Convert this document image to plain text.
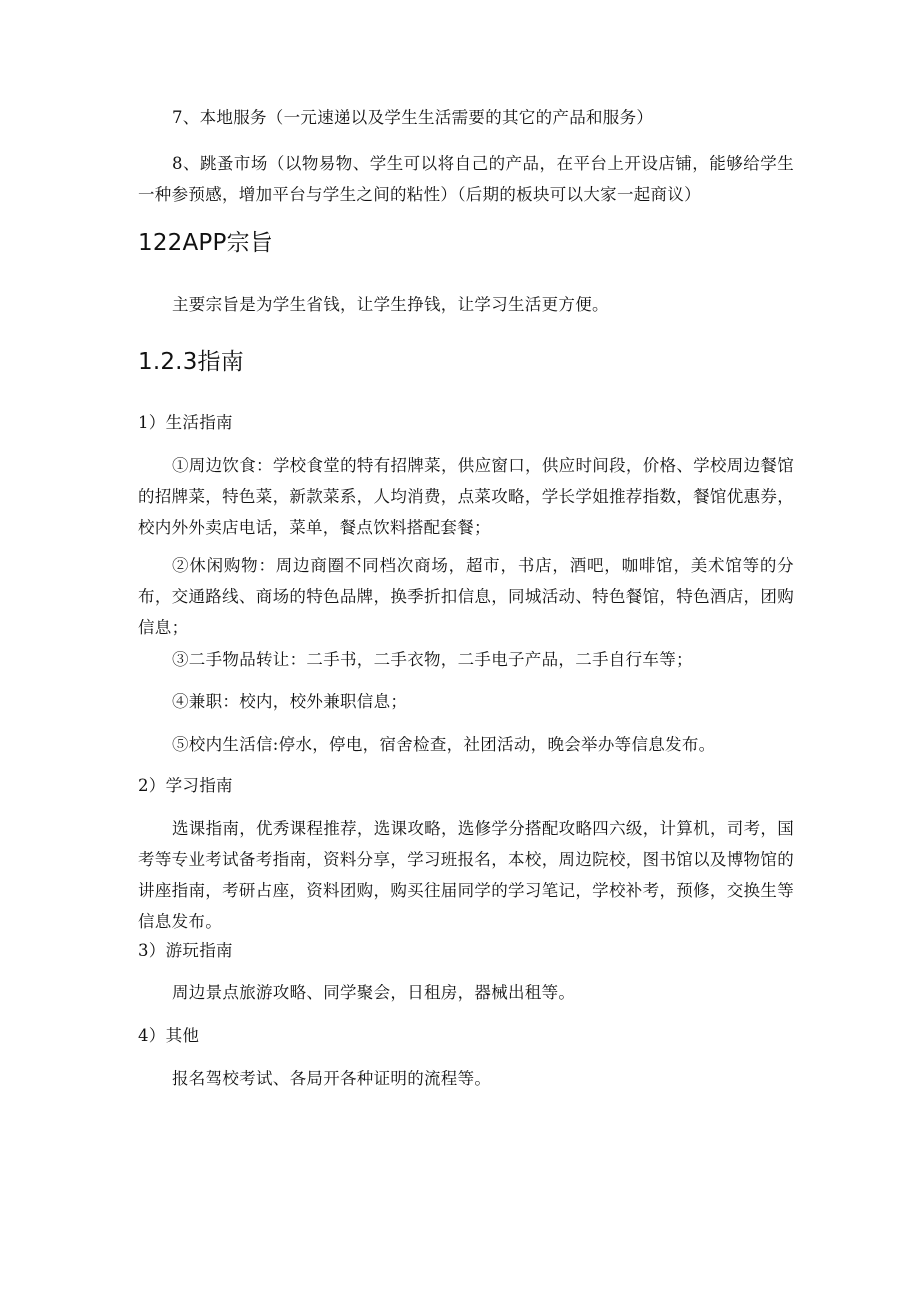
7、本地服务（一元速递以及学生生活需要的其它的产品和服务）

8、跳蚤市场（以物易物、学生可以将自己的产品，在平台上开设店铺，能够给学生一种参预感，增加平台与学生之间的粘性）（后期的板块可以大家一起商议）

122APP宗旨

主要宗旨是为学生省钱，让学生挣钱，让学习生活更方便。

1.2.3指南

1）生活指南

①周边饮食：学校食堂的特有招牌菜，供应窗口，供应时间段，价格、学校周边餐馆的招牌菜，特色菜，新款菜系，人均消费，点菜攻略，学长学姐推荐指数，餐馆优惠券，校内外外卖店电话，菜单，餐点饮料搭配套餐；

②休闲购物：周边商圈不同档次商场，超市，书店，酒吧，咖啡馆，美术馆等的分布，交通路线、商场的特色品牌，换季折扣信息，同城活动、特色餐馆，特色酒店，团购信息；

③二手物品转让：二手书，二手衣物，二手电子产品，二手自行车等；

④兼职：校内，校外兼职信息；

⑤校内生活信:停水，停电，宿舍检查，社团活动，晚会举办等信息发布。

2）学习指南

选课指南，优秀课程推荐，选课攻略，选修学分搭配攻略四六级，计算机，司考，国考等专业考试备考指南，资料分享，学习班报名，本校，周边院校，图书馆以及博物馆的讲座指南，考研占座，资料团购，购买往届同学的学习笔记，学校补考，预修，交换生等信息发布。

3）游玩指南

周边景点旅游攻略、同学聚会，日租房，器械出租等。

4）其他

报名驾校考试、各局开各种证明的流程等。
